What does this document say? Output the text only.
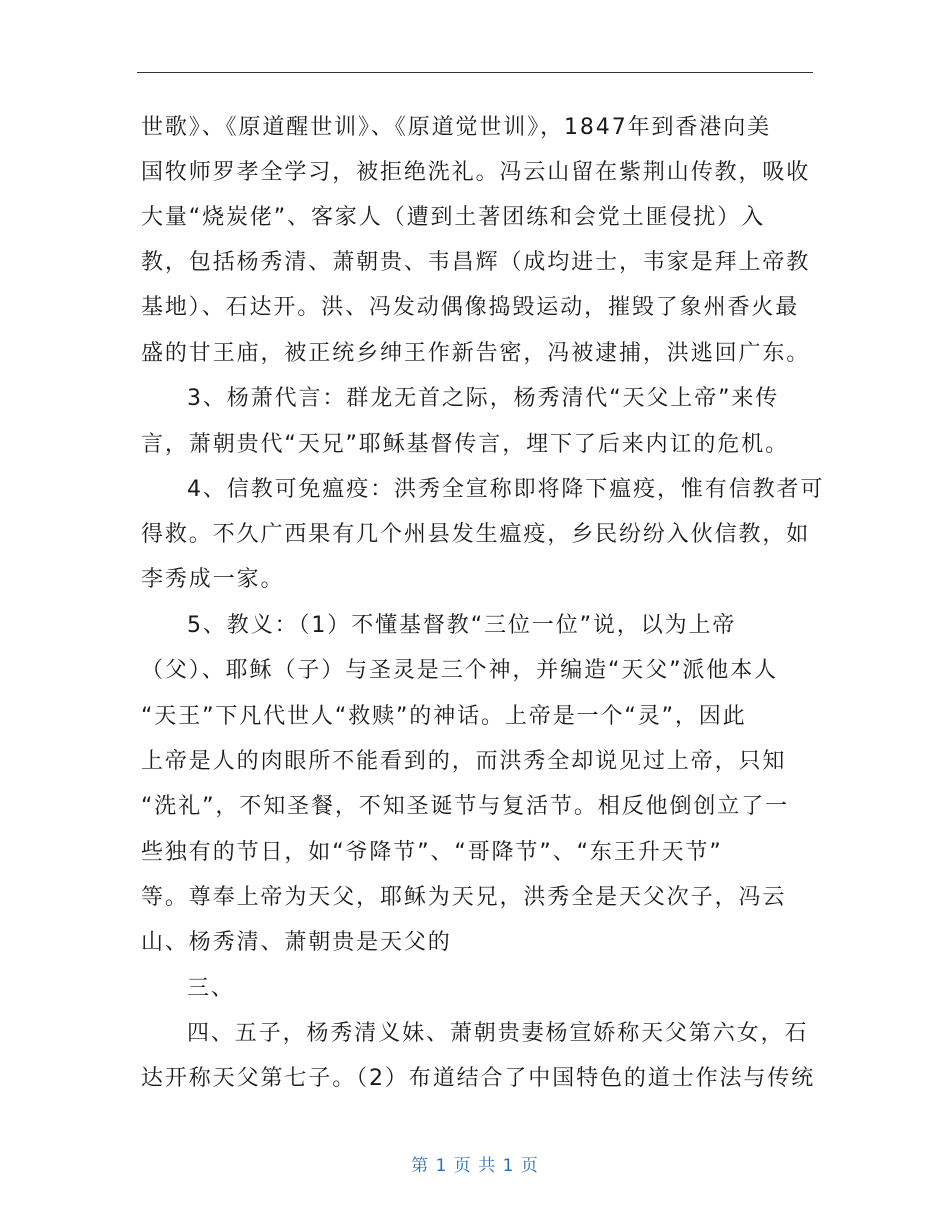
世歌》、《原道醒世训》、《原道觉世训》，1847年到香港向美
国牧师罗孝全学习，被拒绝洗礼。冯云山留在紫荆山传教，吸收
大量“烧炭佬”、客家人（遭到土著团练和会党土匪侵扰）入
教，包括杨秀清、萧朝贵、韦昌辉（成均进士，韦家是拜上帝教
基地）、石达开。洪、冯发动偶像捣毁运动，摧毁了象州香火最
盛的甘王庙，被正统乡绅王作新告密，冯被逮捕，洪逃回广东。
3、杨萧代言：群龙无首之际，杨秀清代“天父上帝”来传
言，萧朝贵代“天兄”耶稣基督传言，埋下了后来内讧的危机。
4、信教可免瘟疫：洪秀全宣称即将降下瘟疫，惟有信教者可
得救。不久广西果有几个州县发生瘟疫，乡民纷纷入伙信教，如
李秀成一家。
5、教义：（1）不懂基督教“三位一位”说，以为上帝
（父）、耶稣（子）与圣灵是三个神，并编造“天父”派他本人
“天王”下凡代世人“救赎”的神话。上帝是一个“灵”，因此
上帝是人的肉眼所不能看到的，而洪秀全却说见过上帝，只知
“洗礼”，不知圣餐，不知圣诞节与复活节。相反他倒创立了一
些独有的节日，如“爷降节”、“哥降节”、“东王升天节”
等。尊奉上帝为天父，耶稣为天兄，洪秀全是天父次子，冯云
山、杨秀清、萧朝贵是天父的
三、
四、五子，杨秀清义妹、萧朝贵妻杨宣娇称天父第六女，石
达开称天父第七子。（2）布道结合了中国特色的道士作法与传统
第 1 页 共 1 页
